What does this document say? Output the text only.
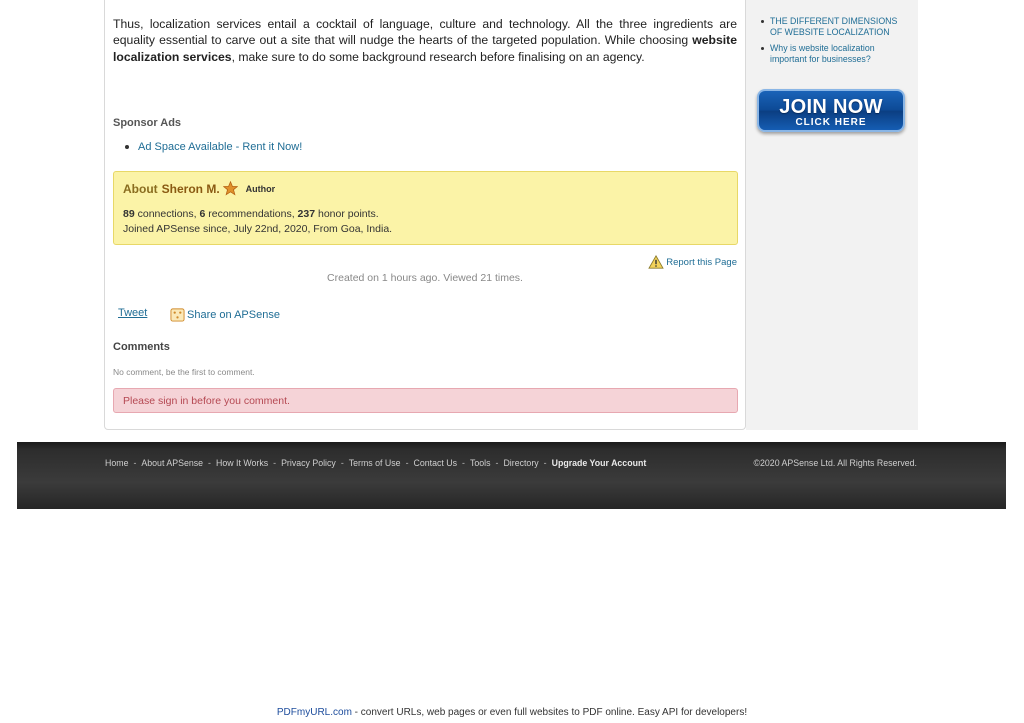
Thus, localization services entail a cocktail of language, culture and technology. All the three ingredients are equality essential to carve out a site that will nudge the hearts of the targeted population. While choosing website localization services, make sure to do some background research before finalising on an agency.

Sponsor Ads
Ad Space Available - Rent it Now!
About Sheron M.	Author
89 connections, 6 recommendations, 237 honor points.
Joined APSense since, July 22nd, 2020, From Goa, India.
Report this Page
Created on 1 hours ago. Viewed 21 times.
Tweet	Share on APSense
Comments
No comment, be the first to comment.
Please sign in before you comment.
THE DIFFERENT DIMENSIONS OF WEBSITE LOCALIZATION
Why is website localization important for businesses?
JOIN NOW
CLICK HERE
Home - About APSense - How It Works - Privacy Policy - Terms of Use - Contact Us - Tools - Directory - Upgrade Your Account	©2020 APSense Ltd. All Rights Reserved.
PDFmyURL.com - convert URLs, web pages or even full websites to PDF online. Easy API for developers!
